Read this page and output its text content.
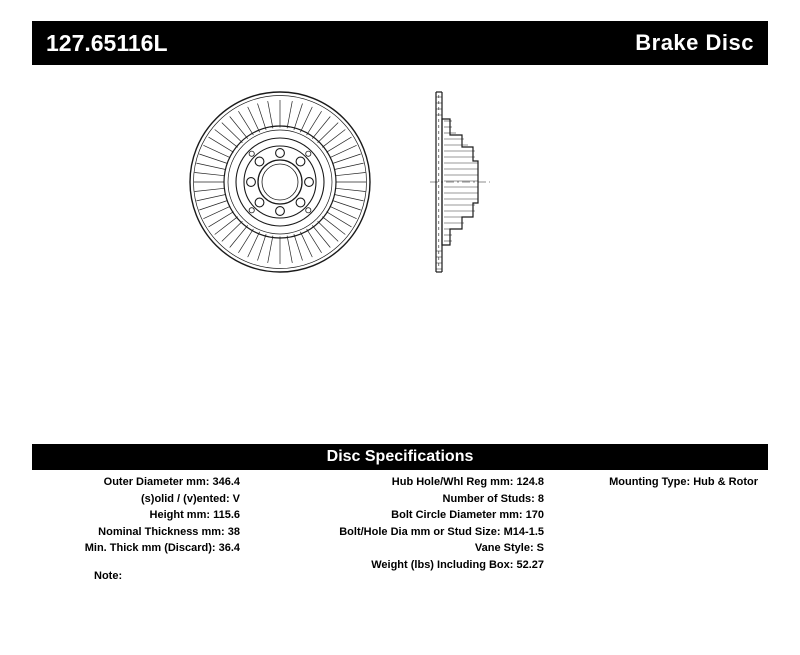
127.65116L	Brake Disc
Disc Specifications
Outer Diameter mm: 346.4
(s)olid / (v)ented: V
Height mm: 115.6
Nominal Thickness mm: 38
Min. Thick mm (Discard): 36.4
Hub Hole/Whl Reg mm: 124.8
Number of Studs: 8
Bolt Circle Diameter mm: 170
Bolt/Hole Dia mm or Stud Size: M14-1.5
Vane Style: S
Weight (lbs) Including Box: 52.27
Mounting Type: Hub & Rotor
Note:
